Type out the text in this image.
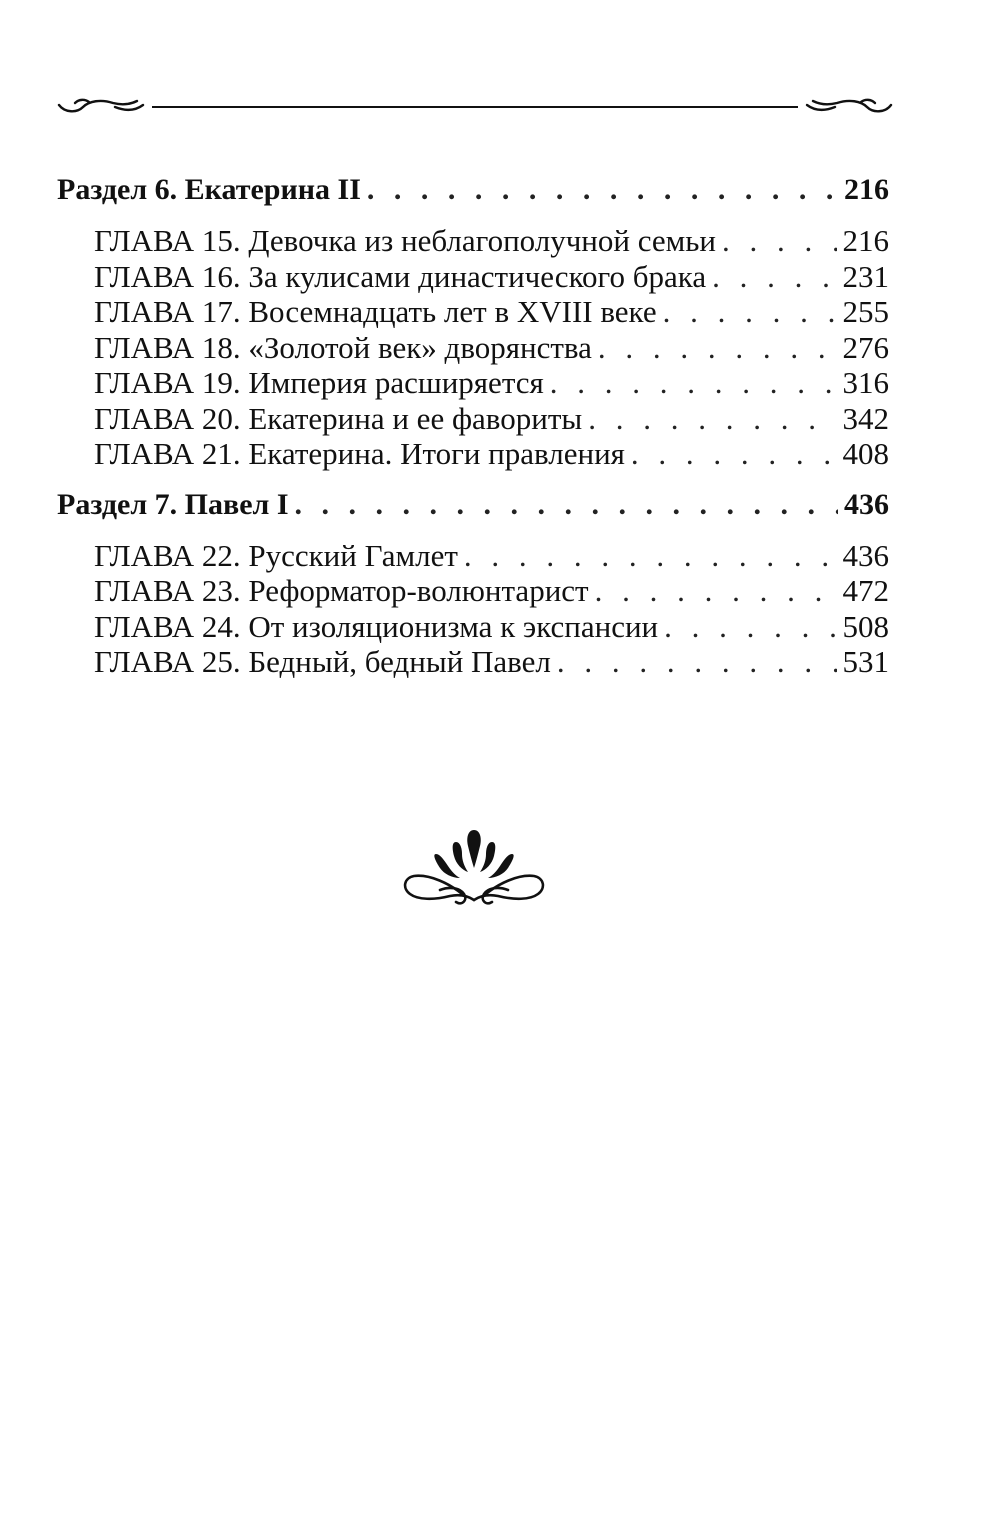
Раздел 6. Екатерина II . . .	216
ГЛАВА 15. Девочка из неблагополучной семьи . . .	216
ГЛАВА 16. За кулисами династического брака . . .	231
ГЛАВА 17. Восемнадцать лет в XVIII веке . . .	255
ГЛАВА 18. «Золотой век» дворянства . . .	276
ГЛАВА 19. Империя расширяется . . .	316
ГЛАВА 20. Екатерина и ее фавориты . . .	342
ГЛАВА 21. Екатерина. Итоги правления . . .	408
Раздел 7. Павел I . . .	436
ГЛАВА 22. Русский Гамлет . . .	436
ГЛАВА 23. Реформатор-волюнтарист . . .	472
ГЛАВА 24. От изоляционизма к экспансии . . .	508
ГЛАВА 25. Бедный, бедный Павел . . .	531
